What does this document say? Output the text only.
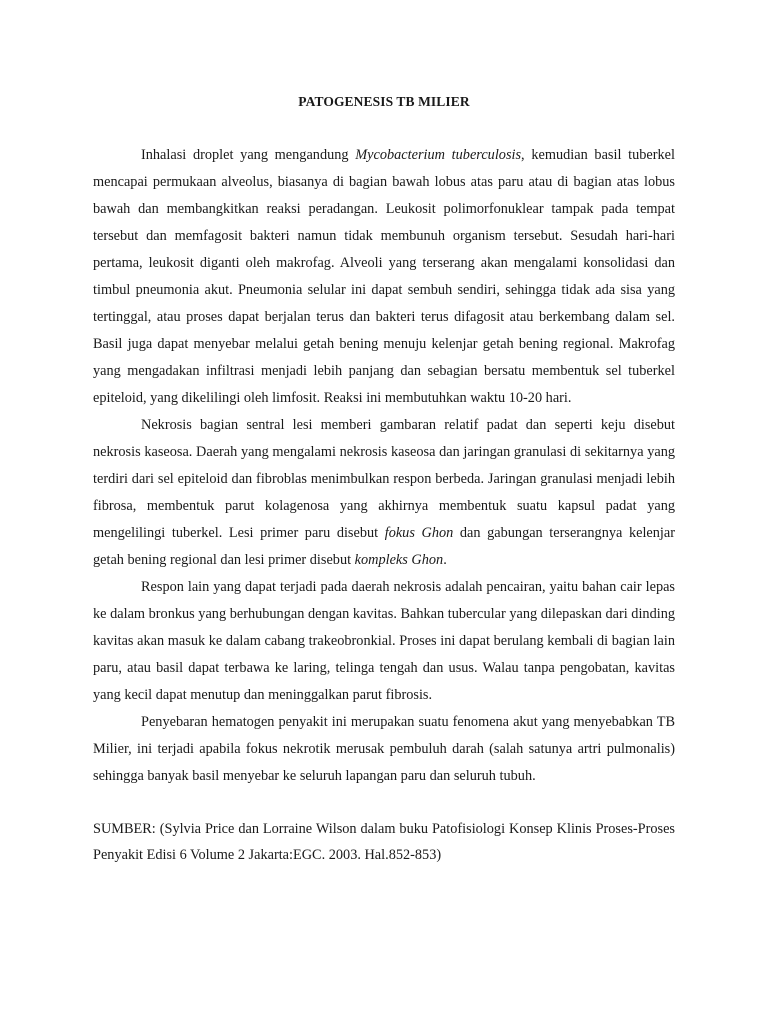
PATOGENESIS TB MILIER

Inhalasi droplet yang mengandung Mycobacterium tuberculosis, kemudian basil tuberkel mencapai permukaan alveolus, biasanya di bagian bawah lobus atas paru atau di bagian atas lobus bawah dan membangkitkan reaksi peradangan. Leukosit polimorfonuklear tampak pada tempat tersebut dan memfagosit bakteri namun tidak membunuh organism tersebut. Sesudah hari-hari pertama, leukosit diganti oleh makrofag. Alveoli yang terserang akan mengalami konsolidasi dan timbul pneumonia akut. Pneumonia selular ini dapat sembuh sendiri, sehingga tidak ada sisa yang tertinggal, atau proses dapat berjalan terus dan bakteri terus difagosit atau berkembang dalam sel. Basil juga dapat menyebar melalui getah bening menuju kelenjar getah bening regional. Makrofag yang mengadakan infiltrasi menjadi lebih panjang dan sebagian bersatu membentuk sel tuberkel epiteloid, yang dikelilingi oleh limfosit. Reaksi ini membutuhkan waktu 10-20 hari.

Nekrosis bagian sentral lesi memberi gambaran relatif padat dan seperti keju disebut nekrosis kaseosa. Daerah yang mengalami nekrosis kaseosa dan jaringan granulasi di sekitarnya yang terdiri dari sel epiteloid dan fibroblas menimbulkan respon berbeda. Jaringan granulasi menjadi lebih fibrosa, membentuk parut kolagenosa yang akhirnya membentuk suatu kapsul padat yang mengelilingi tuberkel. Lesi primer paru disebut fokus Ghon dan gabungan terserangnya kelenjar getah bening regional dan lesi primer disebut kompleks Ghon.

Respon lain yang dapat terjadi pada daerah nekrosis adalah pencairan, yaitu bahan cair lepas ke dalam bronkus yang berhubungan dengan kavitas. Bahkan tubercular yang dilepaskan dari dinding kavitas akan masuk ke dalam cabang trakeobronkial. Proses ini dapat berulang kembali di bagian lain paru, atau basil dapat terbawa ke laring, telinga tengah dan usus. Walau tanpa pengobatan, kavitas yang kecil dapat menutup dan meninggalkan parut fibrosis.

Penyebaran hematogen penyakit ini merupakan suatu fenomena akut yang menyebabkan TB Milier, ini terjadi apabila fokus nekrotik merusak pembuluh darah (salah satunya artri pulmonalis) sehingga banyak basil menyebar ke seluruh lapangan paru dan seluruh tubuh.

SUMBER: (Sylvia Price dan Lorraine Wilson dalam buku Patofisiologi Konsep Klinis Proses-Proses Penyakit Edisi 6 Volume 2 Jakarta:EGC. 2003. Hal.852-853)
